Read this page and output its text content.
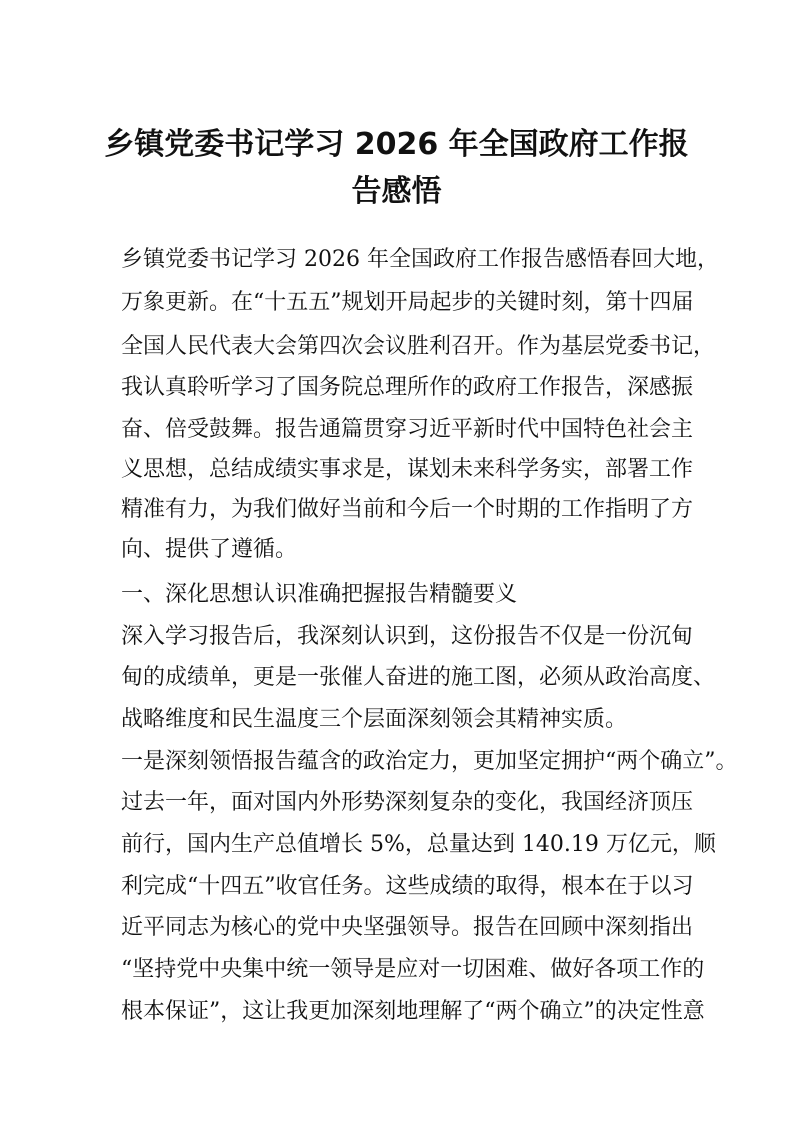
乡镇党委书记学习 2026 年全国政府工作报
告感悟
乡镇党委书记学习 2026 年全国政府工作报告感悟春回大地，
万象更新。在“十五五”规划开局起步的关键时刻，第十四届
全国人民代表大会第四次会议胜利召开。作为基层党委书记，
我认真聆听学习了国务院总理所作的政府工作报告，深感振
奋、倍受鼓舞。报告通篇贯穿习近平新时代中国特色社会主
义思想，总结成绩实事求是，谋划未来科学务实，部署工作
精准有力，为我们做好当前和今后一个时期的工作指明了方
向、提供了遵循。
一、深化思想认识准确把握报告精髓要义
深入学习报告后，我深刻认识到，这份报告不仅是一份沉甸
甸的成绩单，更是一张催人奋进的施工图，必须从政治高度、
战略维度和民生温度三个层面深刻领会其精神实质。
一是深刻领悟报告蕴含的政治定力，更加坚定拥护“两个确立”。
过去一年，面对国内外形势深刻复杂的变化，我国经济顶压
前行，国内生产总值增长 5%，总量达到 140.19 万亿元，顺
利完成“十四五”收官任务。这些成绩的取得，根本在于以习
近平同志为核心的党中央坚强领导。报告在回顾中深刻指出
“坚持党中央集中统一领导是应对一切困难、做好各项工作的
根本保证”，这让我更加深刻地理解了“两个确立”的决定性意
